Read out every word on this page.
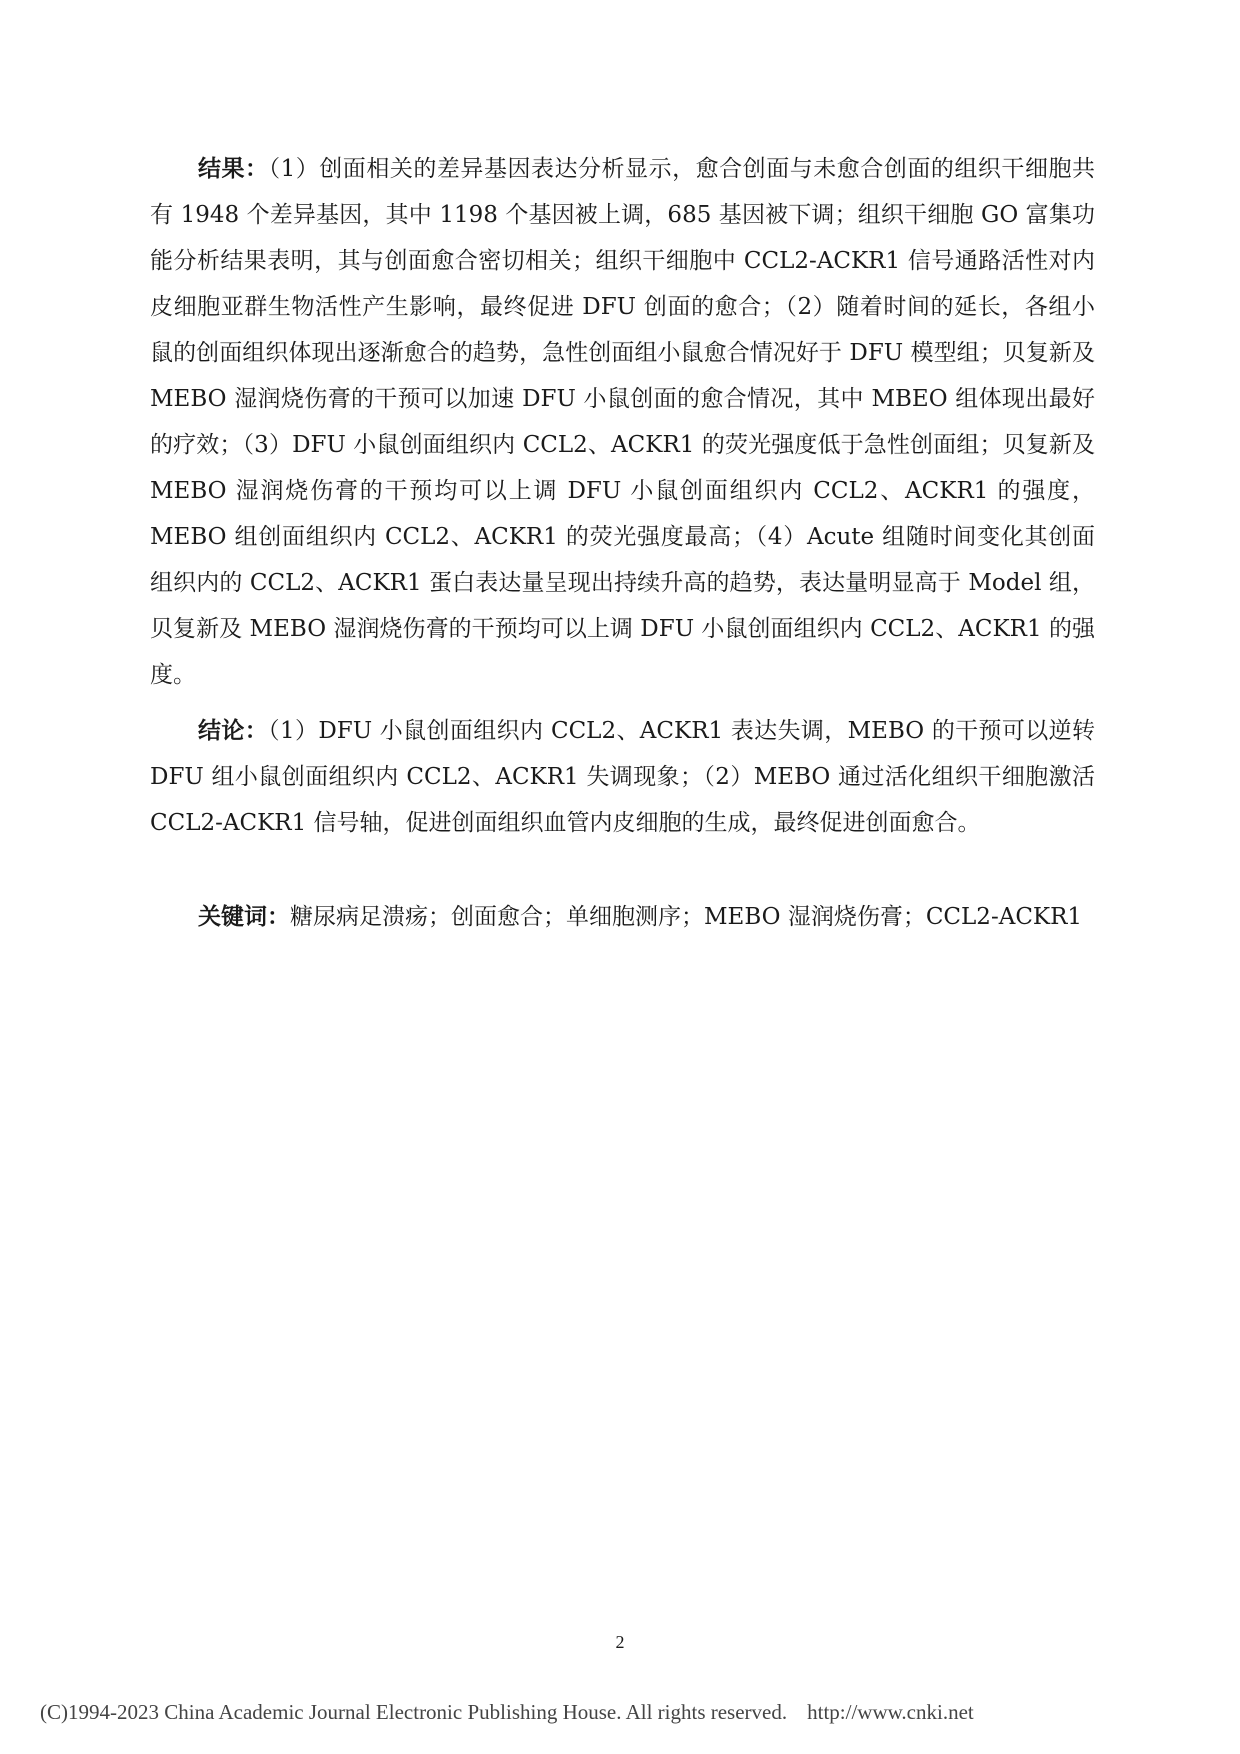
结果：（1）创面相关的差异基因表达分析显示，愈合创面与未愈合创面的组织干细胞共有 1948 个差异基因，其中 1198 个基因被上调，685 基因被下调；组织干细胞 GO 富集功能分析结果表明，其与创面愈合密切相关；组织干细胞中 CCL2-ACKR1 信号通路活性对内皮细胞亚群生物活性产生影响，最终促进 DFU 创面的愈合；（2）随着时间的延长，各组小鼠的创面组织体现出逐渐愈合的趋势，急性创面组小鼠愈合情况好于 DFU 模型组；贝复新及 MEBO 湿润烧伤膏的干预可以加速 DFU 小鼠创面的愈合情况，其中 MBEO 组体现出最好的疗效；（3）DFU 小鼠创面组织内 CCL2、ACKR1 的荧光强度低于急性创面组；贝复新及 MEBO 湿润烧伤膏的干预均可以上调 DFU 小鼠创面组织内 CCL2、ACKR1 的强度，MEBO 组创面组织内 CCL2、ACKR1 的荧光强度最高；（4）Acute 组随时间变化其创面组织内的 CCL2、ACKR1 蛋白表达量呈现出持续升高的趋势，表达量明显高于 Model 组，贝复新及 MEBO 湿润烧伤膏的干预均可以上调 DFU 小鼠创面组织内 CCL2、ACKR1 的强度。

结论：（1）DFU 小鼠创面组织内 CCL2、ACKR1 表达失调，MEBO 的干预可以逆转 DFU 组小鼠创面组织内 CCL2、ACKR1 失调现象；（2）MEBO 通过活化组织干细胞激活 CCL2-ACKR1 信号轴，促进创面组织血管内皮细胞的生成，最终促进创面愈合。

关键词：糖尿病足溃疡；创面愈合；单细胞测序；MEBO 湿润烧伤膏；CCL2-ACKR1

2
(C)1994-2023 China Academic Journal Electronic Publishing House. All rights reserved. http://www.cnki.net
